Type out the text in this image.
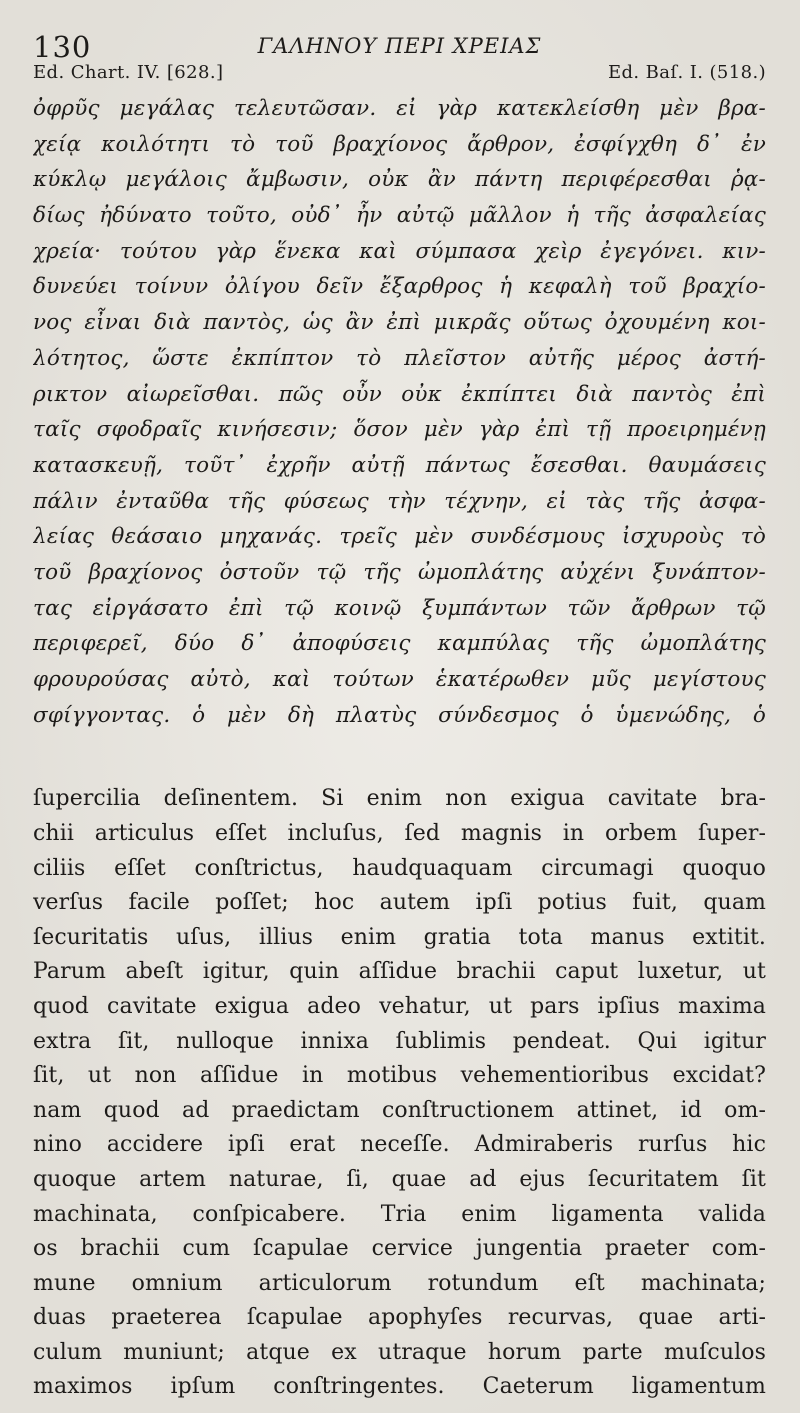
130	ΓΑΛΗΝΟΥ ΠΕΡΙ ΧΡΕΙΑΣ
Ed. Chart. IV. [628.]	Ed. Baſ. I. (518.)
ὀφρῦς μεγάλας τελευτῶσαν. εἰ γὰρ κατεκλείσθη μὲν βρα-
χείᾳ κοιλότητι τὸ τοῦ βραχίονος ἄρθρον, ἐσφίγχθη δ᾽ ἐν
κύκλῳ μεγάλοις ἄμβωσιν, οὐκ ἂν πάντη περιφέρεσθαι ῥᾳ-
δίως ἠδύνατο τοῦτο, οὐδ᾽ ἦν αὐτῷ μᾶλλον ἡ τῆς ἀσφαλείας
χρεία· τούτου γὰρ ἕνεκα καὶ σύμπασα χεὶρ ἐγεγόνει. κιν-
δυνεύει τοίνυν ὀλίγου δεῖν ἔξαρθρος ἡ κεφαλὴ τοῦ βραχίο-
νος εἶναι διὰ παντὸς, ὡς ἂν ἐπὶ μικρᾶς οὕτως ὀχουμένη κοι-
λότητος, ὥστε ἐκπίπτον τὸ πλεῖστον αὐτῆς μέρος ἀστή-
ρικτον αἰωρεῖσθαι. πῶς οὖν οὐκ ἐκπίπτει διὰ παντὸς ἐπὶ
ταῖς σφοδραῖς κινήσεσιν; ὅσον μὲν γὰρ ἐπὶ τῇ προειρημένῃ
κατασκευῇ, τοῦτ᾽ ἐχρῆν αὐτῇ πάντως ἔσεσθαι. θαυμάσεις
πάλιν ἐνταῦθα τῆς φύσεως τὴν τέχνην, εἰ τὰς τῆς ἀσφα-
λείας θεάσαιο μηχανάς. τρεῖς μὲν συνδέσμους ἰσχυροὺς τὸ
τοῦ βραχίονος ὀστοῦν τῷ τῆς ὠμοπλάτης αὐχένι ξυνάπτον-
τας εἰργάσατο ἐπὶ τῷ κοινῷ ξυμπάντων τῶν ἄρθρων τῷ
περιφερεῖ, δύο δ᾽ ἀποφύσεις καμπύλας τῆς ὠμοπλάτης
φρουρούσας αὐτὸ, καὶ τούτων ἑκατέρωθεν μῦς μεγίστους
σφίγγοντας. ὁ μὲν δὴ πλατὺς σύνδεσμος ὁ ὑμενώδης, ὁ
ſupercilia deſinentem. Si enim non exigua cavitate bra-
chii articulus eſſet incluſus, ſed magnis in orbem ſuper-
ciliis eſſet conſtrictus, haudquaquam circumagi quoquo
verſus facile poſſet; hoc autem ipſi potius fuit, quam
ſecuritatis uſus, illius enim gratia tota manus extitit.
Parum abeſt igitur, quin aſſidue brachii caput luxetur, ut
quod cavitate exigua adeo vehatur, ut pars ipſius maxima
extra ſit, nulloque innixa ſublimis pendeat. Qui igitur
ſit, ut non aſſidue in motibus vehementioribus excidat?
nam quod ad praedictam conſtructionem attinet, id om-
nino accidere ipſi erat neceſſe. Admiraberis rurſus hic
quoque artem naturae, ſi, quae ad ejus ſecuritatem ſit
machinata, conſpicabere. Tria enim ligamenta valida
os brachii cum ſcapulae cervice jungentia praeter com-
mune omnium articulorum rotundum eſt machinata;
duas praeterea ſcapulae apophyſes recurvas, quae arti-
culum muniunt; atque ex utraque horum parte muſculos
maximos ipſum conſtringentes. Caeterum ligamentum
